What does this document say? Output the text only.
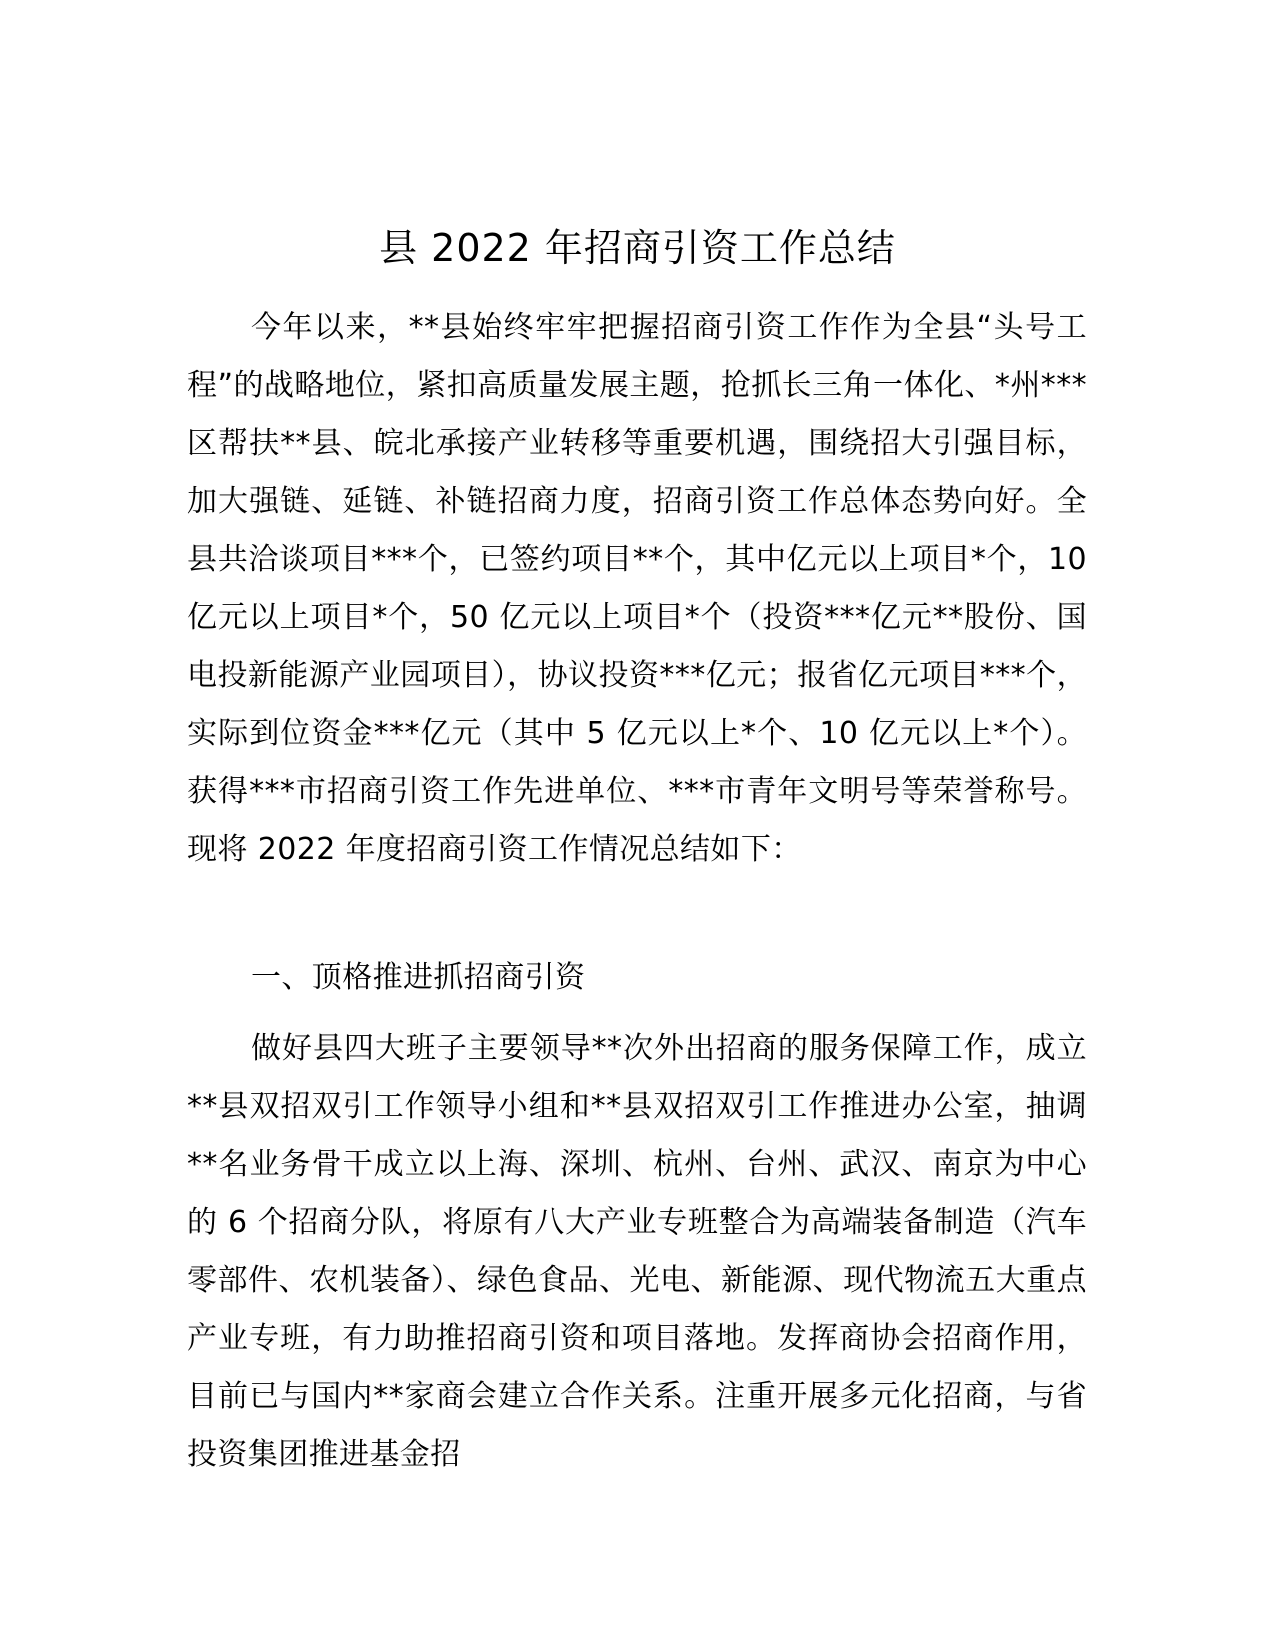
县 2022 年招商引资工作总结
今年以来，**县始终牢牢把握招商引资工作作为全县“头号工程”的战略地位，紧扣高质量发展主题，抢抓长三角一体化、*州***区帮扶**县、皖北承接产业转移等重要机遇，围绕招大引强目标，加大强链、延链、补链招商力度，招商引资工作总体态势向好。全县共洽谈项目***个，已签约项目**个，其中亿元以上项目*个，10 亿元以上项目*个，50 亿元以上项目*个（投资***亿元**股份、国电投新能源产业园项目），协议投资***亿元；报省亿元项目***个，实际到位资金***亿元（其中 5 亿元以上*个、10 亿元以上*个）。获得***市招商引资工作先进单位、***市青年文明号等荣誉称号。现将 2022 年度招商引资工作情况总结如下：
一、顶格推进抓招商引资
做好县四大班子主要领导**次外出招商的服务保障工作，成立**县双招双引工作领导小组和**县双招双引工作推进办公室，抽调**名业务骨干成立以上海、深圳、杭州、台州、武汉、南京为中心的 6 个招商分队，将原有八大产业专班整合为高端装备制造（汽车零部件、农机装备）、绿色食品、光电、新能源、现代物流五大重点产业专班，有力助推招商引资和项目落地。发挥商协会招商作用，目前已与国内**家商会建立合作关系。注重开展多元化招商，与省投资集团推进基金招
